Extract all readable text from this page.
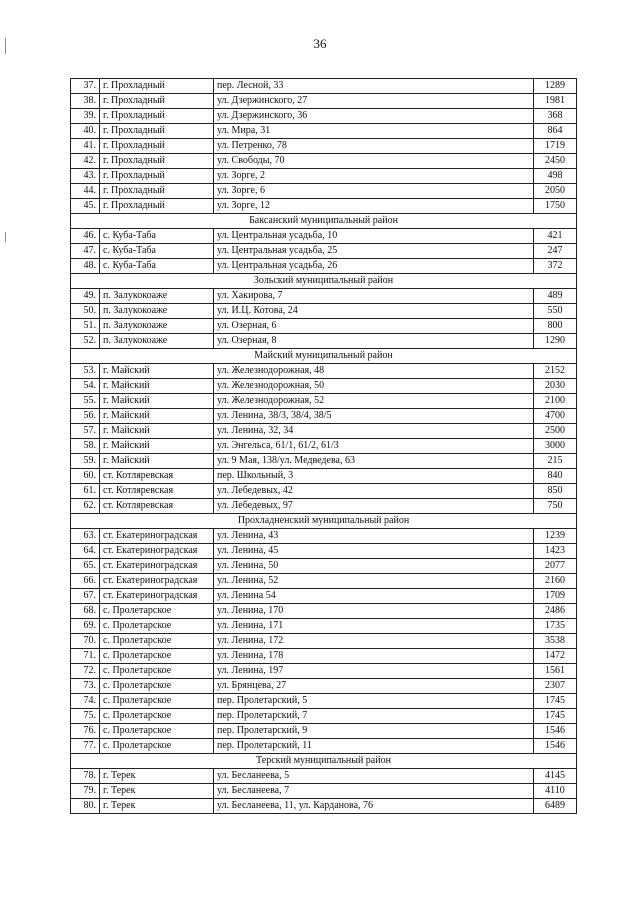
36
37.	г. Прохладный	пер. Лесной, 33	1289
38.	г. Прохладный	ул. Дзержинского, 27	1981
39.	г. Прохладный	ул. Дзержинского, 36	368
40.	г. Прохладный	ул. Мира, 31	864
41.	г. Прохладный	ул. Петренко, 78	1719
42.	г. Прохладный	ул. Свободы, 70	2450
43.	г. Прохладный	ул. Зорге, 2	498
44.	г. Прохладный	ул. Зорге, 6	2050
45.	г. Прохладный	ул. Зорге, 12	1750
Баксанский муниципальный район			
46.	с. Куба-Таба	ул. Центральная усадьба, 10	421
47.	с. Куба-Таба	ул. Центральная усадьба, 25	247
48.	с. Куба-Таба	ул. Центральная усадьба, 26	372
Зольский муниципальный район			
49.	п. Залукокоаже	ул. Хакирова, 7	489
50.	п. Залукокоаже	ул. И.Ц. Котова, 24	550
51.	п. Залукокоаже	ул. Озерная, 6	800
52.	п. Залукокоаже	ул. Озерная, 8	1290
Майский муниципальный район			
53.	г. Майский	ул. Железнодорожная, 48	2152
54.	г. Майский	ул. Железнодорожная, 50	2030
55.	г. Майский	ул. Железнодорожная, 52	2100
56.	г. Майский	ул. Ленина, 38/3, 38/4, 38/5	4700
57.	г. Майский	ул. Ленина, 32, 34	2500
58.	г. Майский	ул. Энгельса, 61/1, 61/2, 61/3	3000
59.	г. Майский	ул. 9 Мая, 138/ул. Медведева, 63	215
60.	ст. Котляревская	пер. Школьный, 3	840
61.	ст. Котляревская	ул. Лебедевых, 42	850
62.	ст. Котляревская	ул. Лебедевых, 97	750
Прохладненский муниципальный район			
63.	ст. Екатериноградская	ул. Ленина, 43	1239
64.	ст. Екатериноградская	ул. Ленина, 45	1423
65.	ст. Екатериноградская	ул. Ленина, 50	2077
66.	ст. Екатериноградская	ул. Ленина, 52	2160
67.	ст. Екатериноградская	ул. Ленина 54	1709
68.	с. Пролетарское	ул. Ленина, 170	2486
69.	с. Пролетарское	ул. Ленина, 171	1735
70.	с. Пролетарское	ул. Ленина, 172	3538
71.	с. Пролетарское	ул. Ленина, 178	1472
72.	с. Пролетарское	ул. Ленина, 197	1561
73.	с. Пролетарское	ул. Брянцева, 27	2307
74.	с. Пролетарское	пер. Пролетарский, 5	1745
75.	с. Пролетарское	пер. Пролетарский, 7	1745
76.	с. Пролетарское	пер. Пролетарский, 9	1546
77.	с. Пролетарское	пер. Пролетарский, 11	1546
Терский муниципальный район			
78.	г. Терек	ул. Бесланеева, 5	4145
79.	г. Терек	ул. Бесланеева, 7	4110
80.	г. Терек	ул. Бесланеева, 11, ул. Карданова, 76	6489
